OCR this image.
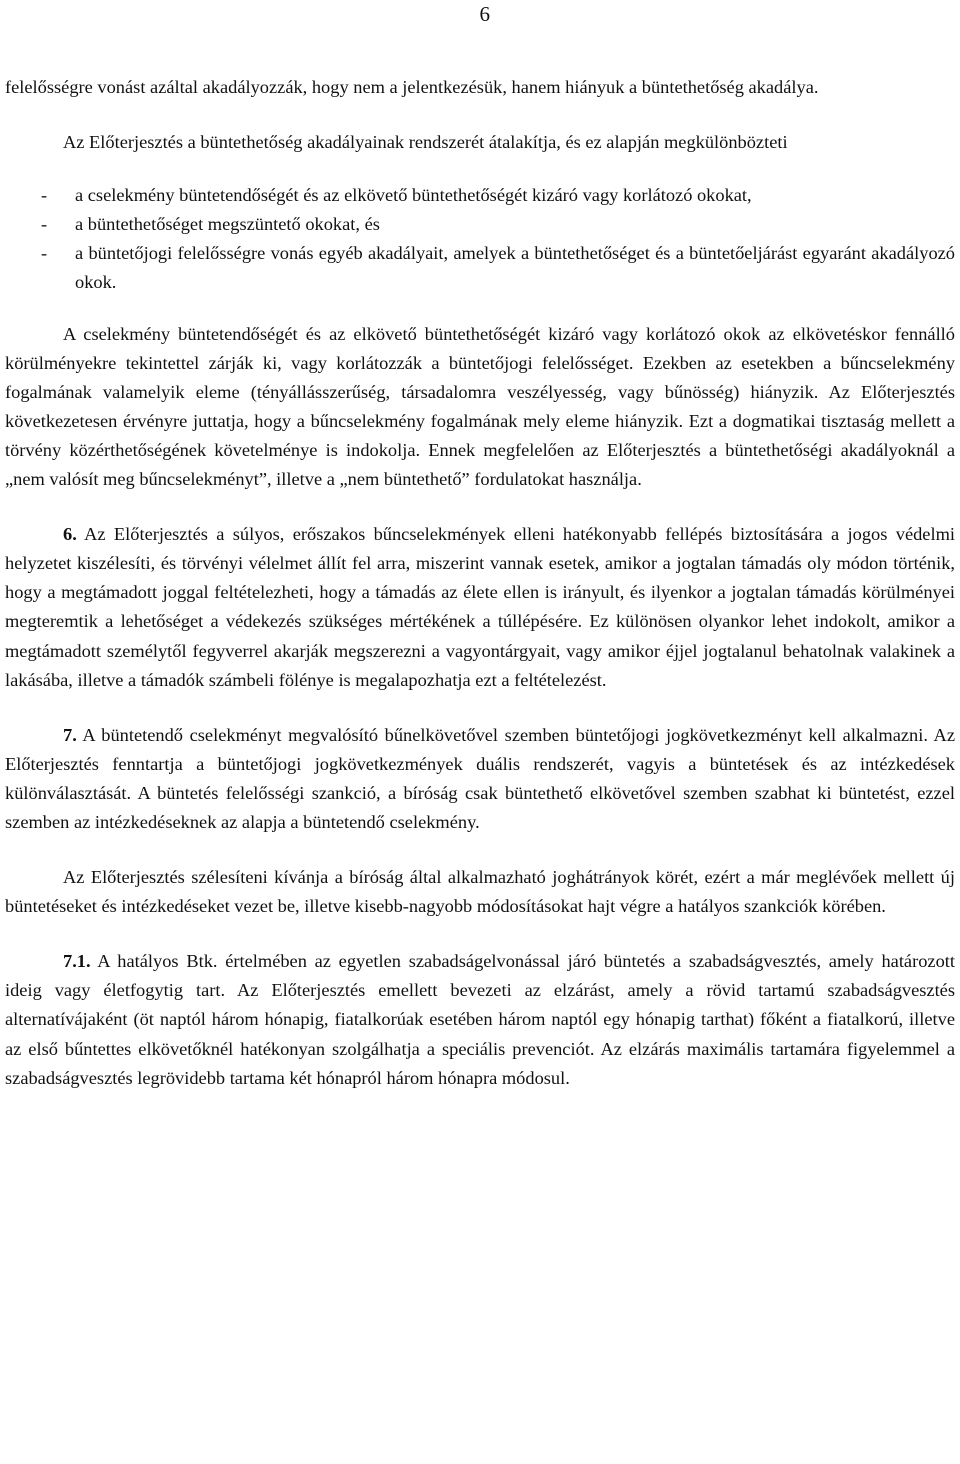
6

felelősségre vonást azáltal akadályozzák, hogy nem a jelentkezésük, hanem hiányuk a büntethetőség akadálya.

Az Előterjesztés a büntethetőség akadályainak rendszerét átalakítja, és ez alapján megkülönbözteti

- a cselekmény büntetendőségét és az elkövető büntethetőségét kizáró vagy korlátozó okokat,
- a büntethetőséget megszüntető okokat, és
- a büntetőjogi felelősségre vonás egyéb akadályait, amelyek a büntethetőséget és a büntetőeljárást egyaránt akadályozó okok.

A cselekmény büntetendőségét és az elkövető büntethetőségét kizáró vagy korlátozó okok az elkövetéskor fennálló körülményekre tekintettel zárják ki, vagy korlátozzák a büntetőjogi felelősséget. Ezekben az esetekben a bűncselekmény fogalmának valamelyik eleme (tényállásszerűség, társadalomra veszélyesség, vagy bűnösség) hiányzik. Az Előterjesztés következetesen érvényre juttatja, hogy a bűncselekmény fogalmának mely eleme hiányzik. Ezt a dogmatikai tisztaság mellett a törvény közérthetőségének követelménye is indokolja. Ennek megfelelően az Előterjesztés a büntethetőségi akadályoknál a „nem valósít meg bűncselekményt”, illetve a „nem büntethető” fordulatokat használja.

6. Az Előterjesztés a súlyos, erőszakos bűncselekmények elleni hatékonyabb fellépés biztosítására a jogos védelmi helyzetet kiszélesíti, és törvényi vélelmet állít fel arra, miszerint vannak esetek, amikor a jogtalan támadás oly módon történik, hogy a megtámadott joggal feltételezheti, hogy a támadás az élete ellen is irányult, és ilyenkor a jogtalan támadás körülményei megteremtik a lehetőséget a védekezés szükséges mértékének a túllépésére. Ez különösen olyankor lehet indokolt, amikor a megtámadott személytől fegyverrel akarják megszerezni a vagyontárgyait, vagy amikor éjjel jogtalanul behatolnak valakinek a lakásába, illetve a támadók számbeli fölénye is megalapozhatja ezt a feltételezést.

7. A büntetendő cselekményt megvalósító bűnelkövetővel szemben büntetőjogi jogkövetkezményt kell alkalmazni. Az Előterjesztés fenntartja a büntetőjogi jogkövetkezmények duális rendszerét, vagyis a büntetések és az intézkedések különválasztását. A büntetés felelősségi szankció, a bíróság csak büntethető elkövetővel szemben szabhat ki büntetést, ezzel szemben az intézkedéseknek az alapja a büntetendő cselekmény.

Az Előterjesztés szélesíteni kívánja a bíróság által alkalmazható joghátrányok körét, ezért a már meglévőek mellett új büntetéseket és intézkedéseket vezet be, illetve kisebb-nagyobb módosításokat hajt végre a hatályos szankciók körében.

7.1. A hatályos Btk. értelmében az egyetlen szabadságelvonással járó büntetés a szabadságvesztés, amely határozott ideig vagy életfogytig tart. Az Előterjesztés emellett bevezeti az elzárást, amely a rövid tartamú szabadságvesztés alternatívájaként (öt naptól három hónapig, fiatalkorúak esetében három naptól egy hónapig tarthat) főként a fiatalkorú, illetve az első bűntettes elkövetőknél hatékonyan szolgálhatja a speciális prevenciót. Az elzárás maximális tartamára figyelemmel a szabadságvesztés legrövidebb tartama két hónapról három hónapra módosul.
